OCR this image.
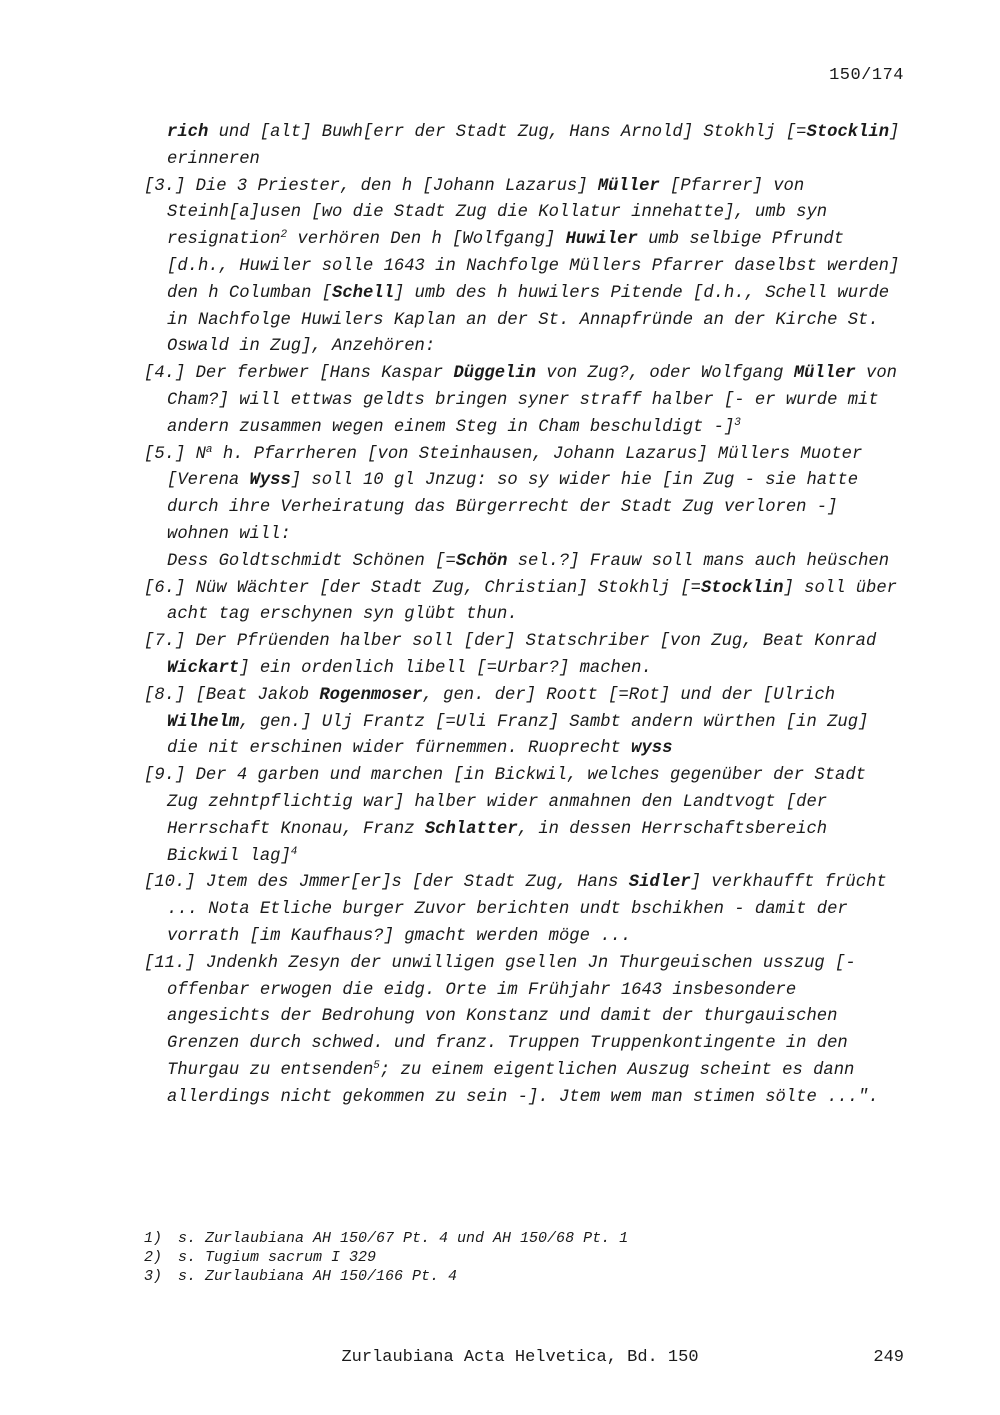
150/174

rich und [alt] Buwh[err der Stadt Zug, Hans Arnold] Stokhlj [=Stocklin] erinneren

[3.] Die 3 Priester, den h [Johann Lazarus] Müller [Pfarrer] von Steinh[a]usen [wo die Stadt Zug die Kollatur innehatte], umb syn resignation$^2$ verhören Den h [Wolfgang] Huwiler umb selbige Pfrundt [d.h., Huwiler solle 1643 in Nachfolge Müllers Pfarrer daselbst werden] den h Columban [Schell] umb des h huwilers Pitende [d.h., Schell wurde in Nachfolge Huwilers Kaplan an der St. Annapfründe an der Kirche St. Oswald in Zug], Anzehören:

[4.] Der ferbwer [Hans Kaspar Düggelin von Zug?, oder Wolfgang Müller von Cham?] will ettwas geldts bringen syner straff halber [- er wurde mit andern zusammen wegen einem Steg in Cham beschuldigt -]$^3$

[5.] $N^a$ h. Pfarrheren [von Steinhausen, Johann Lazarus] Müllers Muoter [Verena Wyss] soll 10 gl Jnzug: so sy wider hie [in Zug - sie hatte durch ihre Verheiratung das Bürgerrecht der Stadt Zug verloren -] wohnen will:

Dess Goldtschmidt Schönen [=Schön sel.?] Frauw soll mans auch heüschen

[6.] Nüw Wächter [der Stadt Zug, Christian] Stokhlj [=Stocklin] soll über acht tag erschynen syn glübt thun.

[7.] Der Pfrüenden halber soll [der] Statschriber [von Zug, Beat Konrad Wickart] ein ordenlich libell [=Urbar?] machen.

[8.] [Beat Jakob Rogenmoser, gen. der] Roott [=Rot] und der [Ulrich Wilhelm, gen.] Ulj Frantz [=Uli Franz] Sambt andern würthen [in Zug] die nit erschinen wider fürnemmen. Ruoprecht wyss

[9.] Der 4 garben und marchen [in Bickwil, welches gegenüber der Stadt Zug zehntpflichtig war] halber wider anmahnen den Landtvogt [der Herrschaft Knonau, Franz Schlatter, in dessen Herrschaftsbereich Bickwil lag]$^4$

[10.] Jtem des Jmmer[er]s [der Stadt Zug, Hans Sidler] verkhaufft frücht ... Nota Etliche burger Zuvor berichten undt bschikhen - damit der vorrath [im Kaufhaus?] gmacht werden möge ...

[11.] Jndenkh Zesyn der unwilligen gsellen Jn Thurgeuischen usszug [- offenbar erwogen die eidg. Orte im Frühjahr 1643 insbesondere angesichts der Bedrohung von Konstanz und damit der thurgauischen Grenzen durch schwed. und franz. Truppen Truppenkontingente in den Thurgau zu entsenden$^5$; zu einem eigentlichen Auszug scheint es dann allerdings nicht gekommen zu sein -]. Jtem wem man stimen sölte ...".

1)	s. Zurlaubiana AH 150/67 Pt. 4 und AH 150/68 Pt. 1
2)	s. Tugium sacrum I 329
3)	s. Zurlaubiana AH 150/166 Pt. 4
Zurlaubiana Acta Helvetica, Bd. 150	249
